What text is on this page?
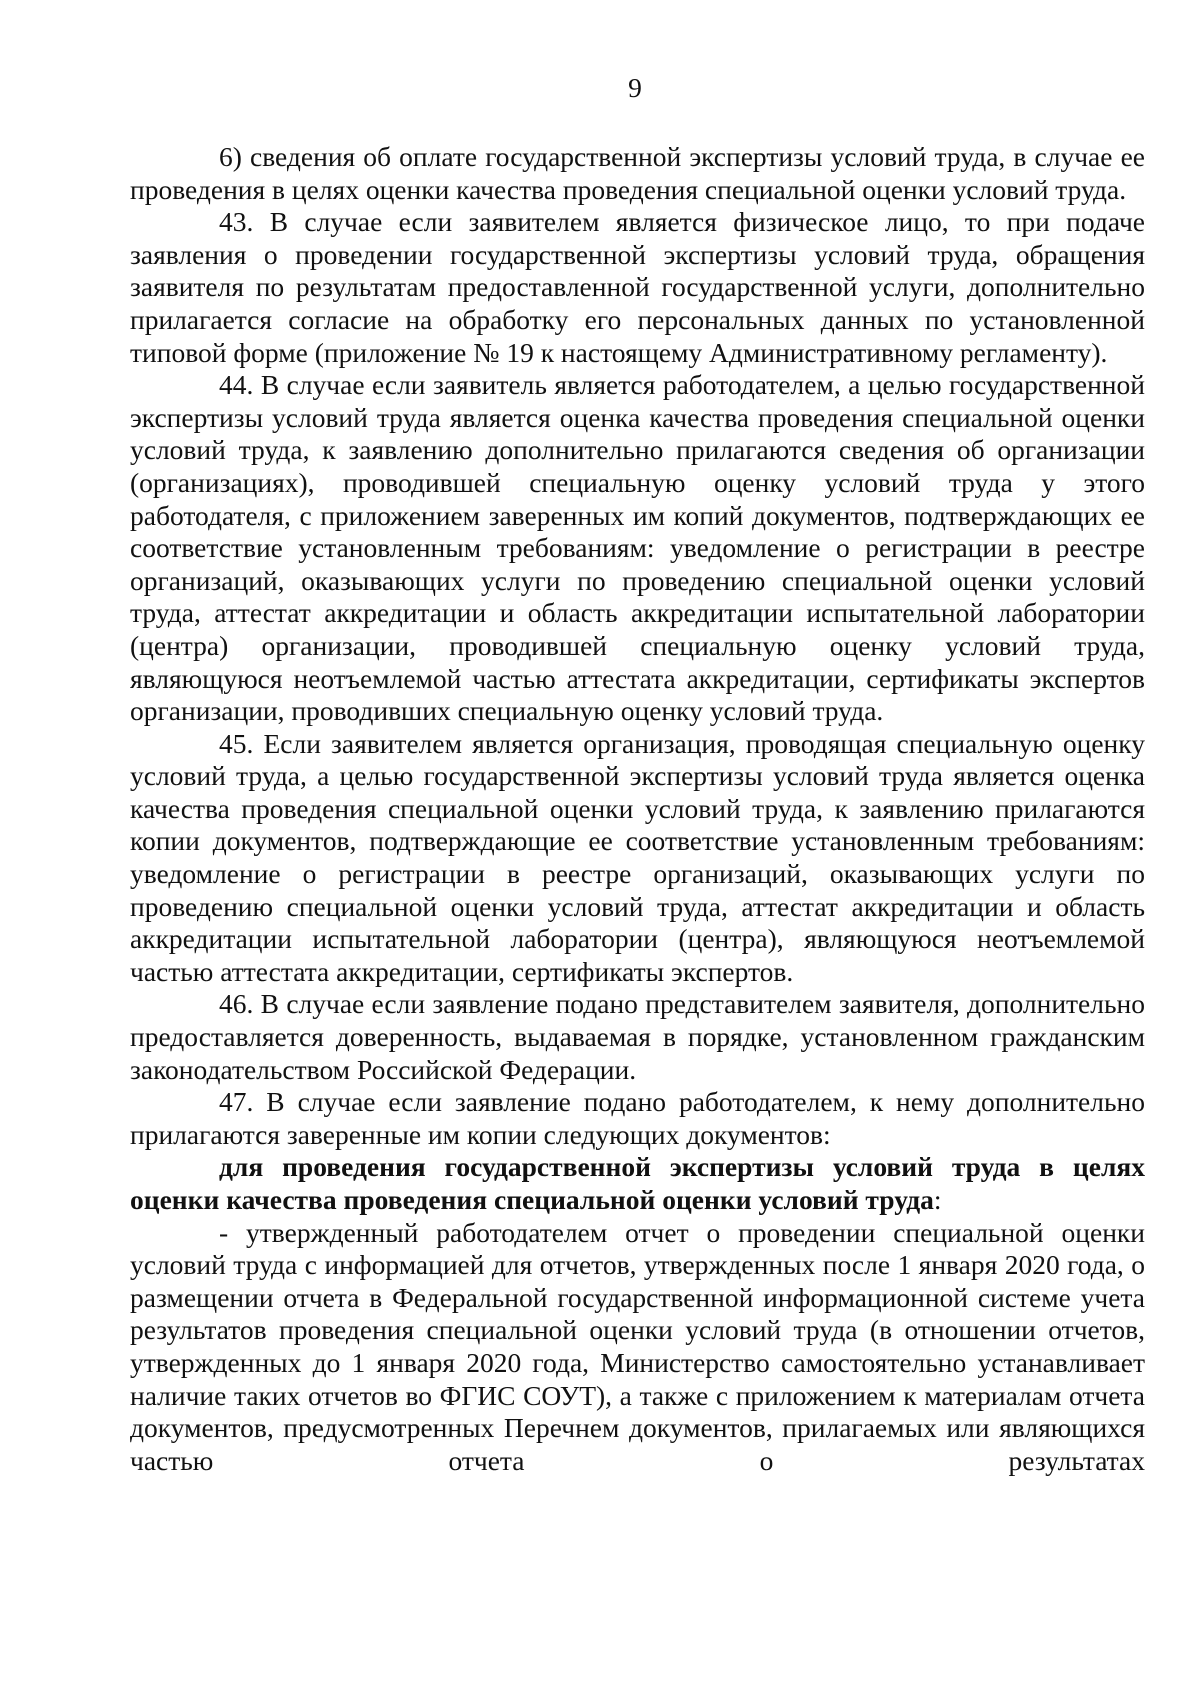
9

6) сведения об оплате государственной экспертизы условий труда, в случае ее проведения в целях оценки качества проведения специальной оценки условий труда.

43. В случае если заявителем является физическое лицо, то при подаче заявления о проведении государственной экспертизы условий труда, обращения заявителя по результатам предоставленной государственной услуги, дополнительно прилагается согласие на обработку его персональных данных по установленной типовой форме (приложение № 19 к настоящему Административному регламенту).

44. В случае если заявитель является работодателем, а целью государственной экспертизы условий труда является оценка качества проведения специальной оценки условий труда, к заявлению дополнительно прилагаются сведения об организации (организациях), проводившей специальную оценку условий труда у этого работодателя, с приложением заверенных им копий документов, подтверждающих ее соответствие установленным требованиям: уведомление о регистрации в реестре организаций, оказывающих услуги по проведению специальной оценки условий труда, аттестат аккредитации и область аккредитации испытательной лаборатории (центра) организации, проводившей специальную оценку условий труда, являющуюся неотъемлемой частью аттестата аккредитации, сертификаты экспертов организации, проводивших специальную оценку условий труда.

45. Если заявителем является организация, проводящая специальную оценку условий труда, а целью государственной экспертизы условий труда является оценка качества проведения специальной оценки условий труда, к заявлению прилагаются копии документов, подтверждающие ее соответствие установленным требованиям: уведомление о регистрации в реестре организаций, оказывающих услуги по проведению специальной оценки условий труда, аттестат аккредитации и область аккредитации испытательной лаборатории (центра), являющуюся неотъемлемой частью аттестата аккредитации, сертификаты экспертов.

46. В случае если заявление подано представителем заявителя, дополнительно предоставляется доверенность, выдаваемая в порядке, установленном гражданским законодательством Российской Федерации.

47. В случае если заявление подано работодателем, к нему дополнительно прилагаются заверенные им копии следующих документов:

для проведения государственной экспертизы условий труда в целях оценки качества проведения специальной оценки условий труда:

- утвержденный работодателем отчет о проведении специальной оценки условий труда с информацией для отчетов, утвержденных после 1 января 2020 года, о размещении отчета в Федеральной государственной информационной системе учета результатов проведения специальной оценки условий труда (в отношении отчетов, утвержденных до 1 января 2020 года, Министерство самостоятельно устанавливает наличие таких отчетов во ФГИС СОУТ), а также с приложением к материалам отчета документов, предусмотренных Перечнем документов, прилагаемых или являющихся частью отчета о результатах
